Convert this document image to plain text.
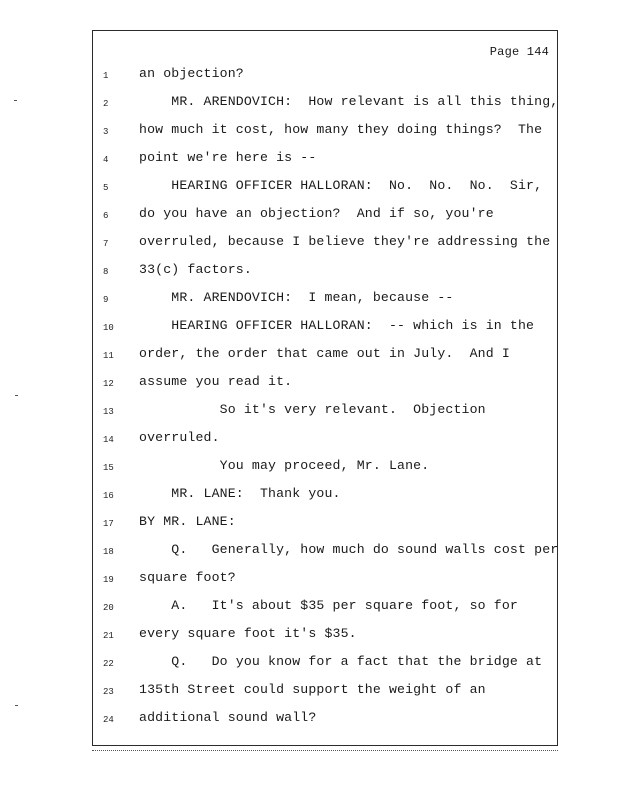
Page 144
1	an objection?
2	MR. ARENDOVICH:  How relevant is all this thing,
3	how much it cost, how many they doing things?  The
4	point we're here is --
5	HEARING OFFICER HALLORAN:  No.  No.  No.  Sir,
6	do you have an objection?  And if so, you're
7	overruled, because I believe they're addressing the
8	33(c) factors.
9	MR. ARENDOVICH:  I mean, because --
10	HEARING OFFICER HALLORAN:  -- which is in the
11	order, the order that came out in July.  And I
12	assume you read it.
13	So it's very relevant.  Objection
14	overruled.
15	You may proceed, Mr. Lane.
16	MR. LANE:  Thank you.
17	BY MR. LANE:
18	Q.   Generally, how much do sound walls cost per
19	square foot?
20	A.   It's about $35 per square foot, so for
21	every square foot it's $35.
22	Q.   Do you know for a fact that the bridge at
23	135th Street could support the weight of an
24	additional sound wall?
